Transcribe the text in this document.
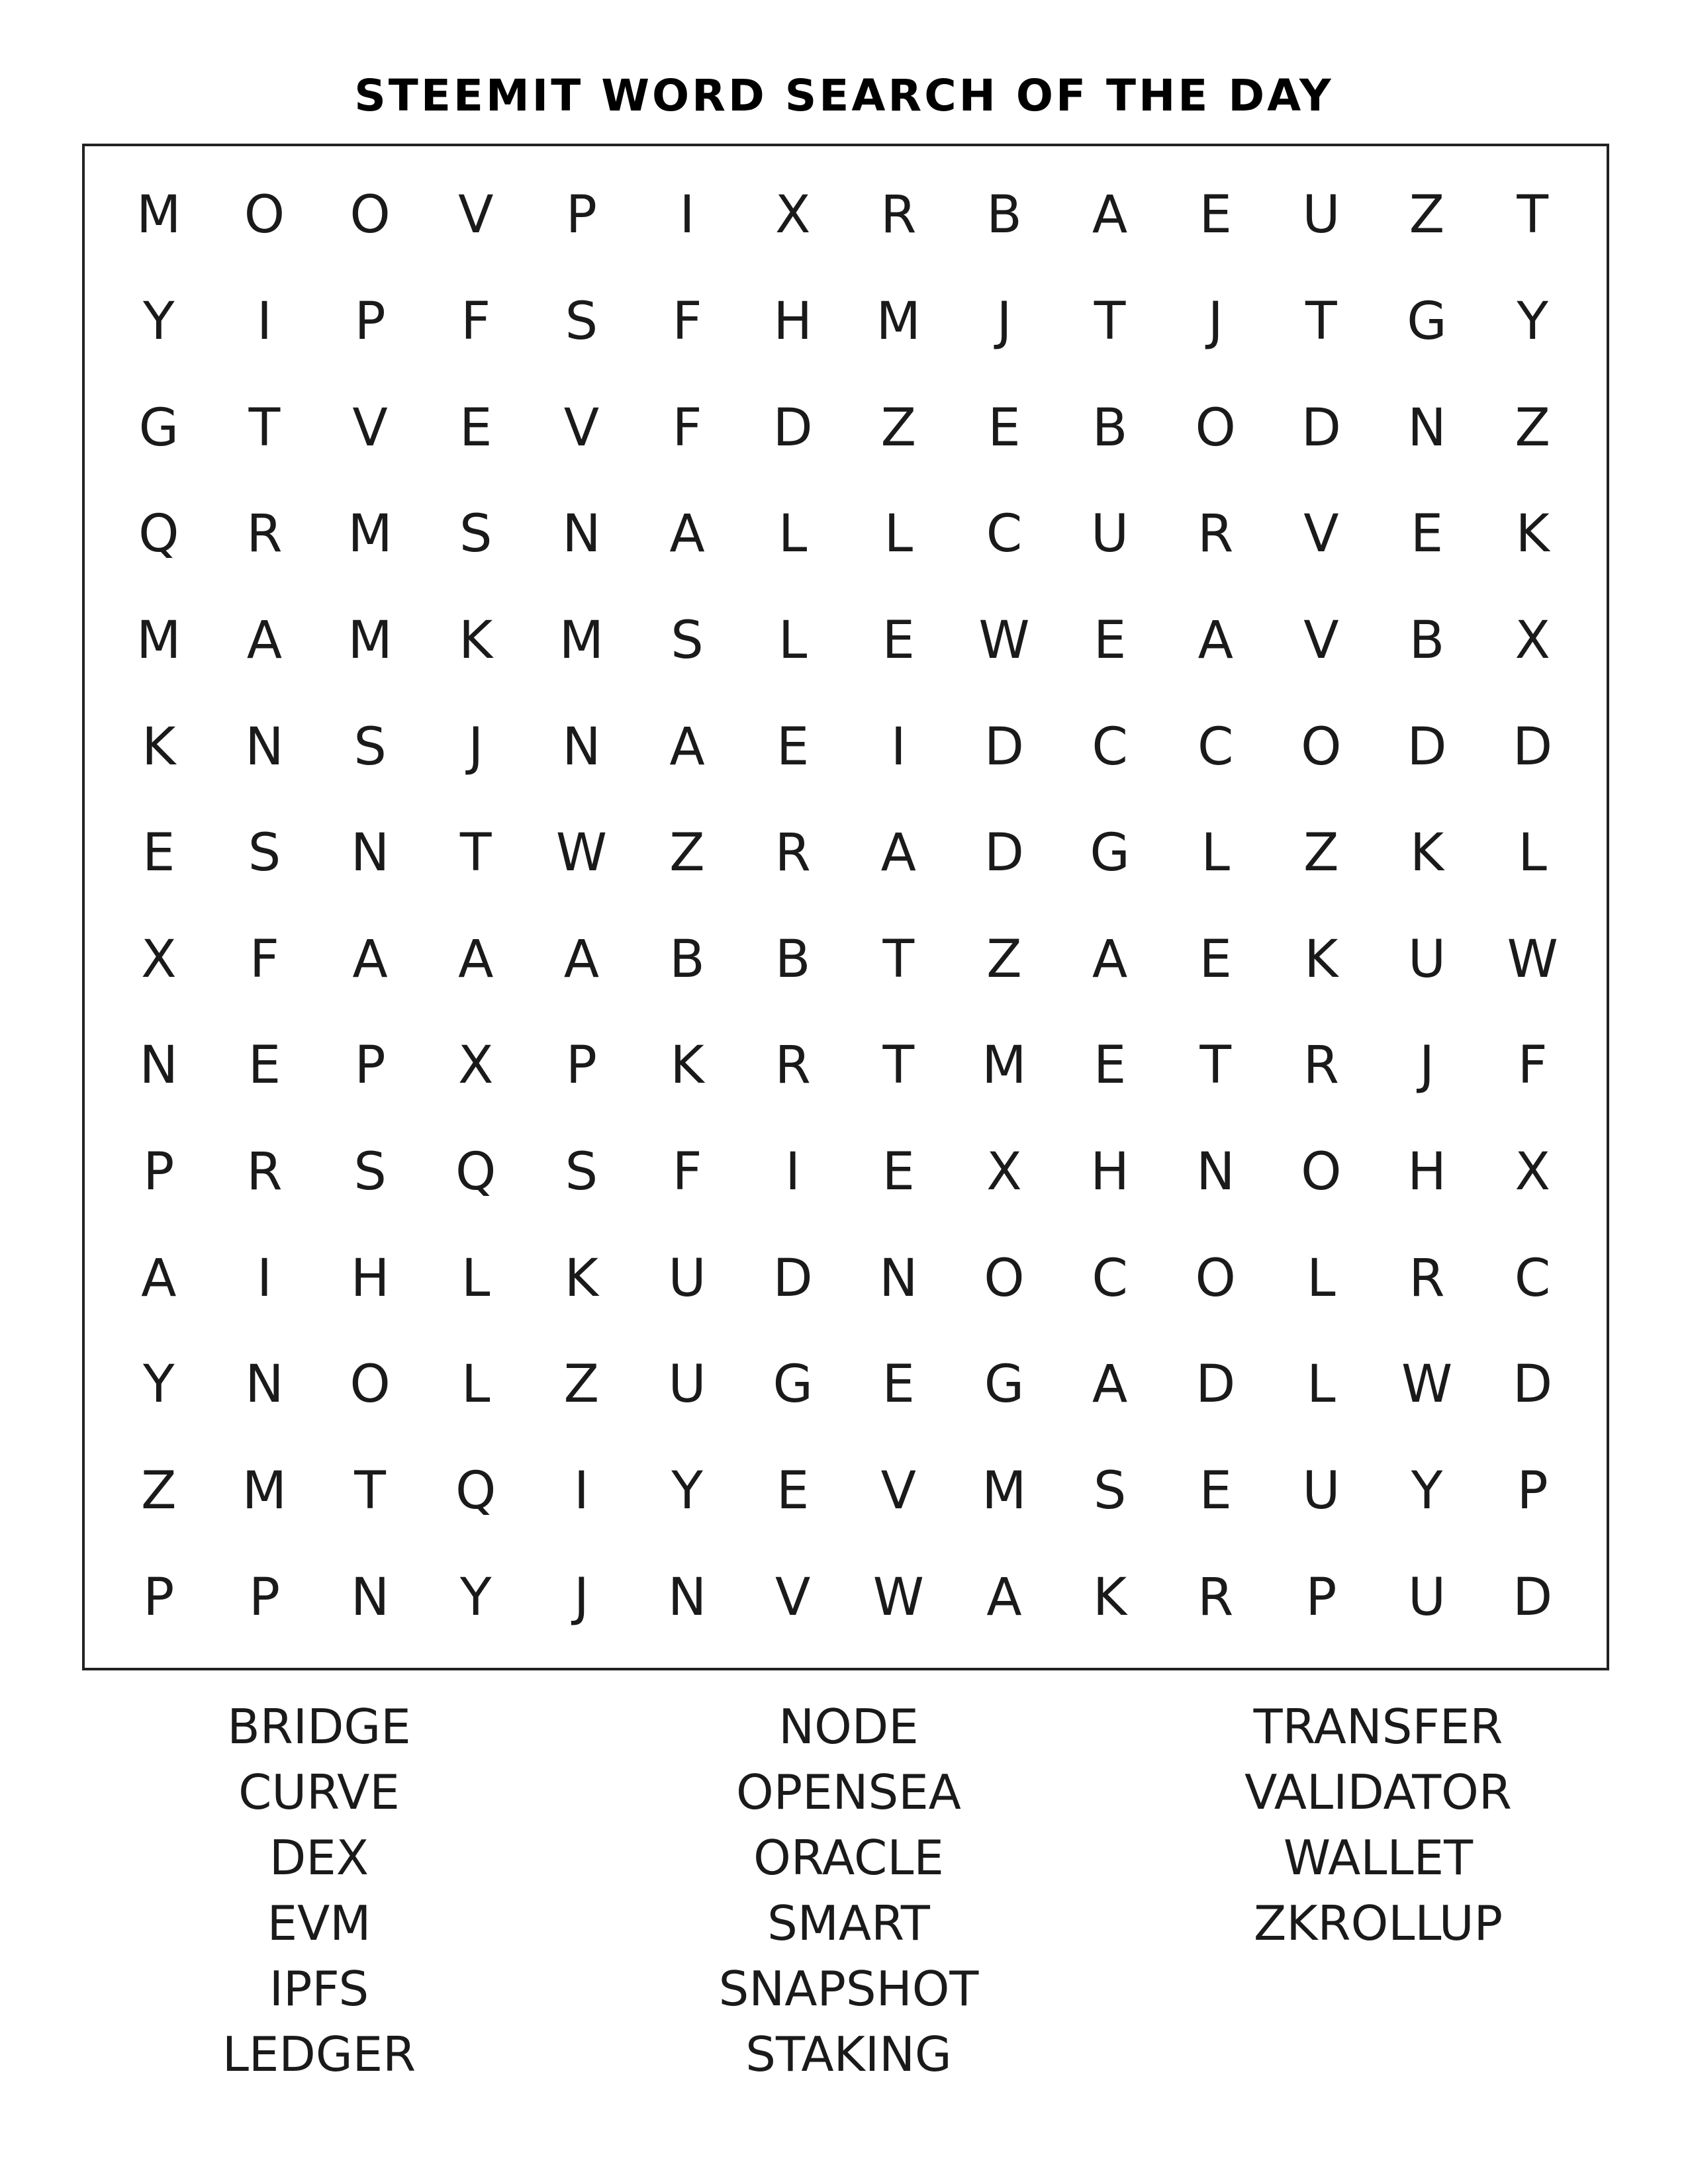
STEEMIT WORD SEARCH OF THE DAY
M	O	O	V	P	I	X	R	B	A	E	U	Z	T
Y	I	P	F	S	F	H	M	J	T	J	T	G	Y
G	T	V	E	V	F	D	Z	E	B	O	D	N	Z
Q	R	M	S	N	A	L	L	C	U	R	V	E	K
M	A	M	K	M	S	L	E	W	E	A	V	B	X
K	N	S	J	N	A	E	I	D	C	C	O	D	D
E	S	N	T	W	Z	R	A	D	G	L	Z	K	L
X	F	A	A	A	B	B	T	Z	A	E	K	U	W
N	E	P	X	P	K	R	T	M	E	T	R	J	F
P	R	S	Q	S	F	I	E	X	H	N	O	H	X
A	I	H	L	K	U	D	N	O	C	O	L	R	C
Y	N	O	L	Z	U	G	E	G	A	D	L	W	D
Z	M	T	Q	I	Y	E	V	M	S	E	U	Y	P
P	P	N	Y	J	N	V	W	A	K	R	P	U	D
BRIDGE
CURVE
DEX
EVM
IPFS
LEDGER
NODE
OPENSEA
ORACLE
SMART
SNAPSHOT
STAKING
TRANSFER
VALIDATOR
WALLET
ZKROLLUP
